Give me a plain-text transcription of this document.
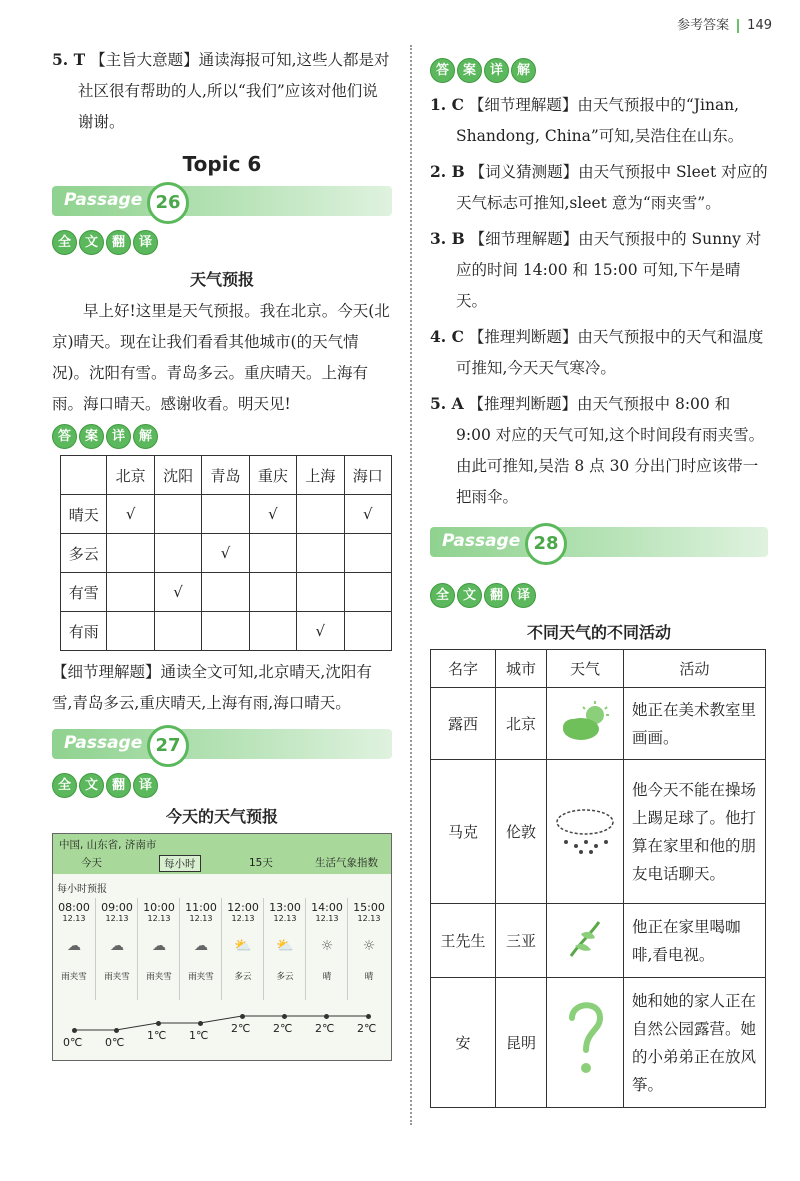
参考答案 149

5. T 【主旨大意题】通读海报可知,这些人都是对社区很有帮助的人,所以“我们”应该对他们说谢谢。

Topic 6
Passage 26
全	文	翻	译
天气预报

早上好!这里是天气预报。我在北京。今天(北京)晴天。现在让我们看看其他城市(的天气情况)。沈阳有雪。青岛多云。重庆晴天。上海有雨。海口晴天。感谢收看。明天见!

答	案	详	解
	北京	沈阳	青岛	重庆	上海	海口
晴天	√			√		√
多云			√			
有雪		√				
有雨					√	

【细节理解题】通读全文可知,北京晴天,沈阳有雪,青岛多云,重庆晴天,上海有雨,海口晴天。

Passage 27
全	文	翻	译
今天的天气预报
中国, 山东省, 济南市
今天	每小时	15天	生活气象指数
每小时预报
08:00
12.13
☁
雨夹雪
09:00
12.13
☁
雨夹雪
10:00
12.13
☁
雨夹雪
11:00
12.13
☁
雨夹雪
12:00
12.13
⛅
多云
13:00
12.13
⛅
多云
14:00
12.13
☼
晴
15:00
12.13
☼
晴
0℃ 0℃
1℃ 1℃
2℃ 2℃ 2℃ 2℃
答	案	详	解

1. C 【细节理解题】由天气预报中的“Jinan, Shandong, China”可知,吴浩住在山东。

2. B 【词义猜测题】由天气预报中 Sleet 对应的天气标志可推知,sleet 意为“雨夹雪”。

3. B 【细节理解题】由天气预报中的 Sunny 对应的时间 14:00 和 15:00 可知,下午是晴天。

4. C 【推理判断题】由天气预报中的天气和温度可推知,今天天气寒冷。

5. A 【推理判断题】由天气预报中 8:00 和 9:00 对应的天气可知,这个时间段有雨夹雪。由此可推知,吴浩 8 点 30 分出门时应该带一把雨伞。

Passage 28
全	文	翻	译
不同天气的不同活动
名字	城市	天气	活动
露西	北京		她正在美术教室里画画。
马克	伦敦		他今天不能在操场上踢足球了。他打算在家里和他的朋友电话聊天。
王先生	三亚		他正在家里喝咖啡,看电视。
安	昆明		她和她的家人正在自然公园露营。她的小弟弟正在放风筝。
